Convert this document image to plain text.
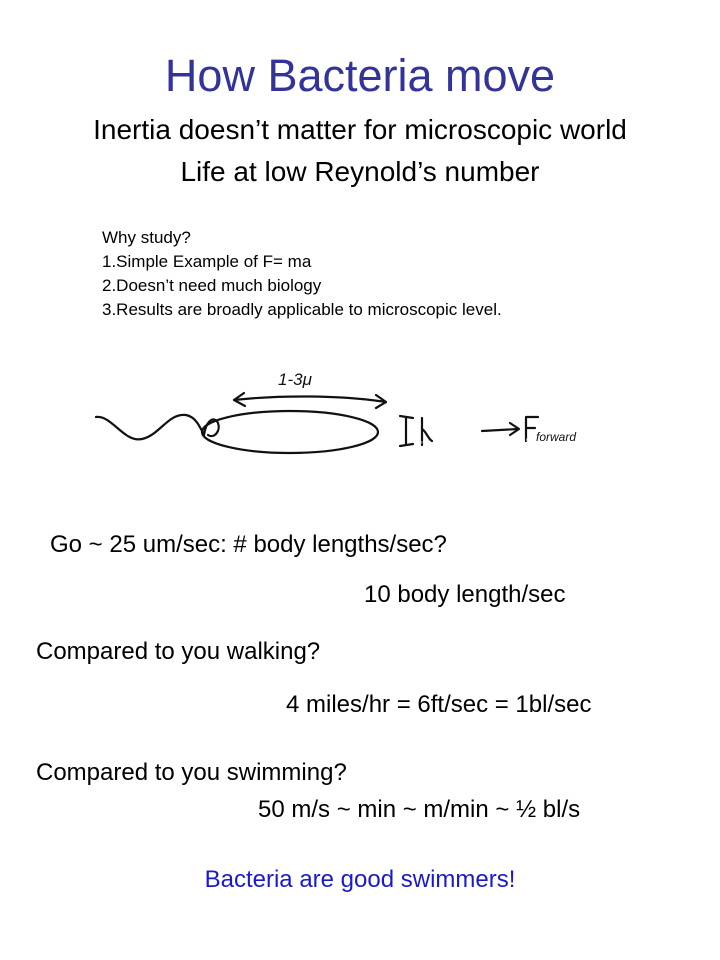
How Bacteria move
Inertia doesn’t matter for microscopic world
Life at low Reynold’s number
Why study?
1.Simple Example of F= ma
2.Doesn’t need much biology
3.Results are broadly applicable to microscopic level.
1-3μ
1μ	F forward
Go ~ 25 um/sec: # body lengths/sec?
10 body length/sec
Compared to you walking?
4 miles/hr = 6ft/sec = 1bl/sec
Compared to you swimming?
50 m/s ~ min ~ m/min ~ ½ bl/s
Bacteria are good swimmers!
